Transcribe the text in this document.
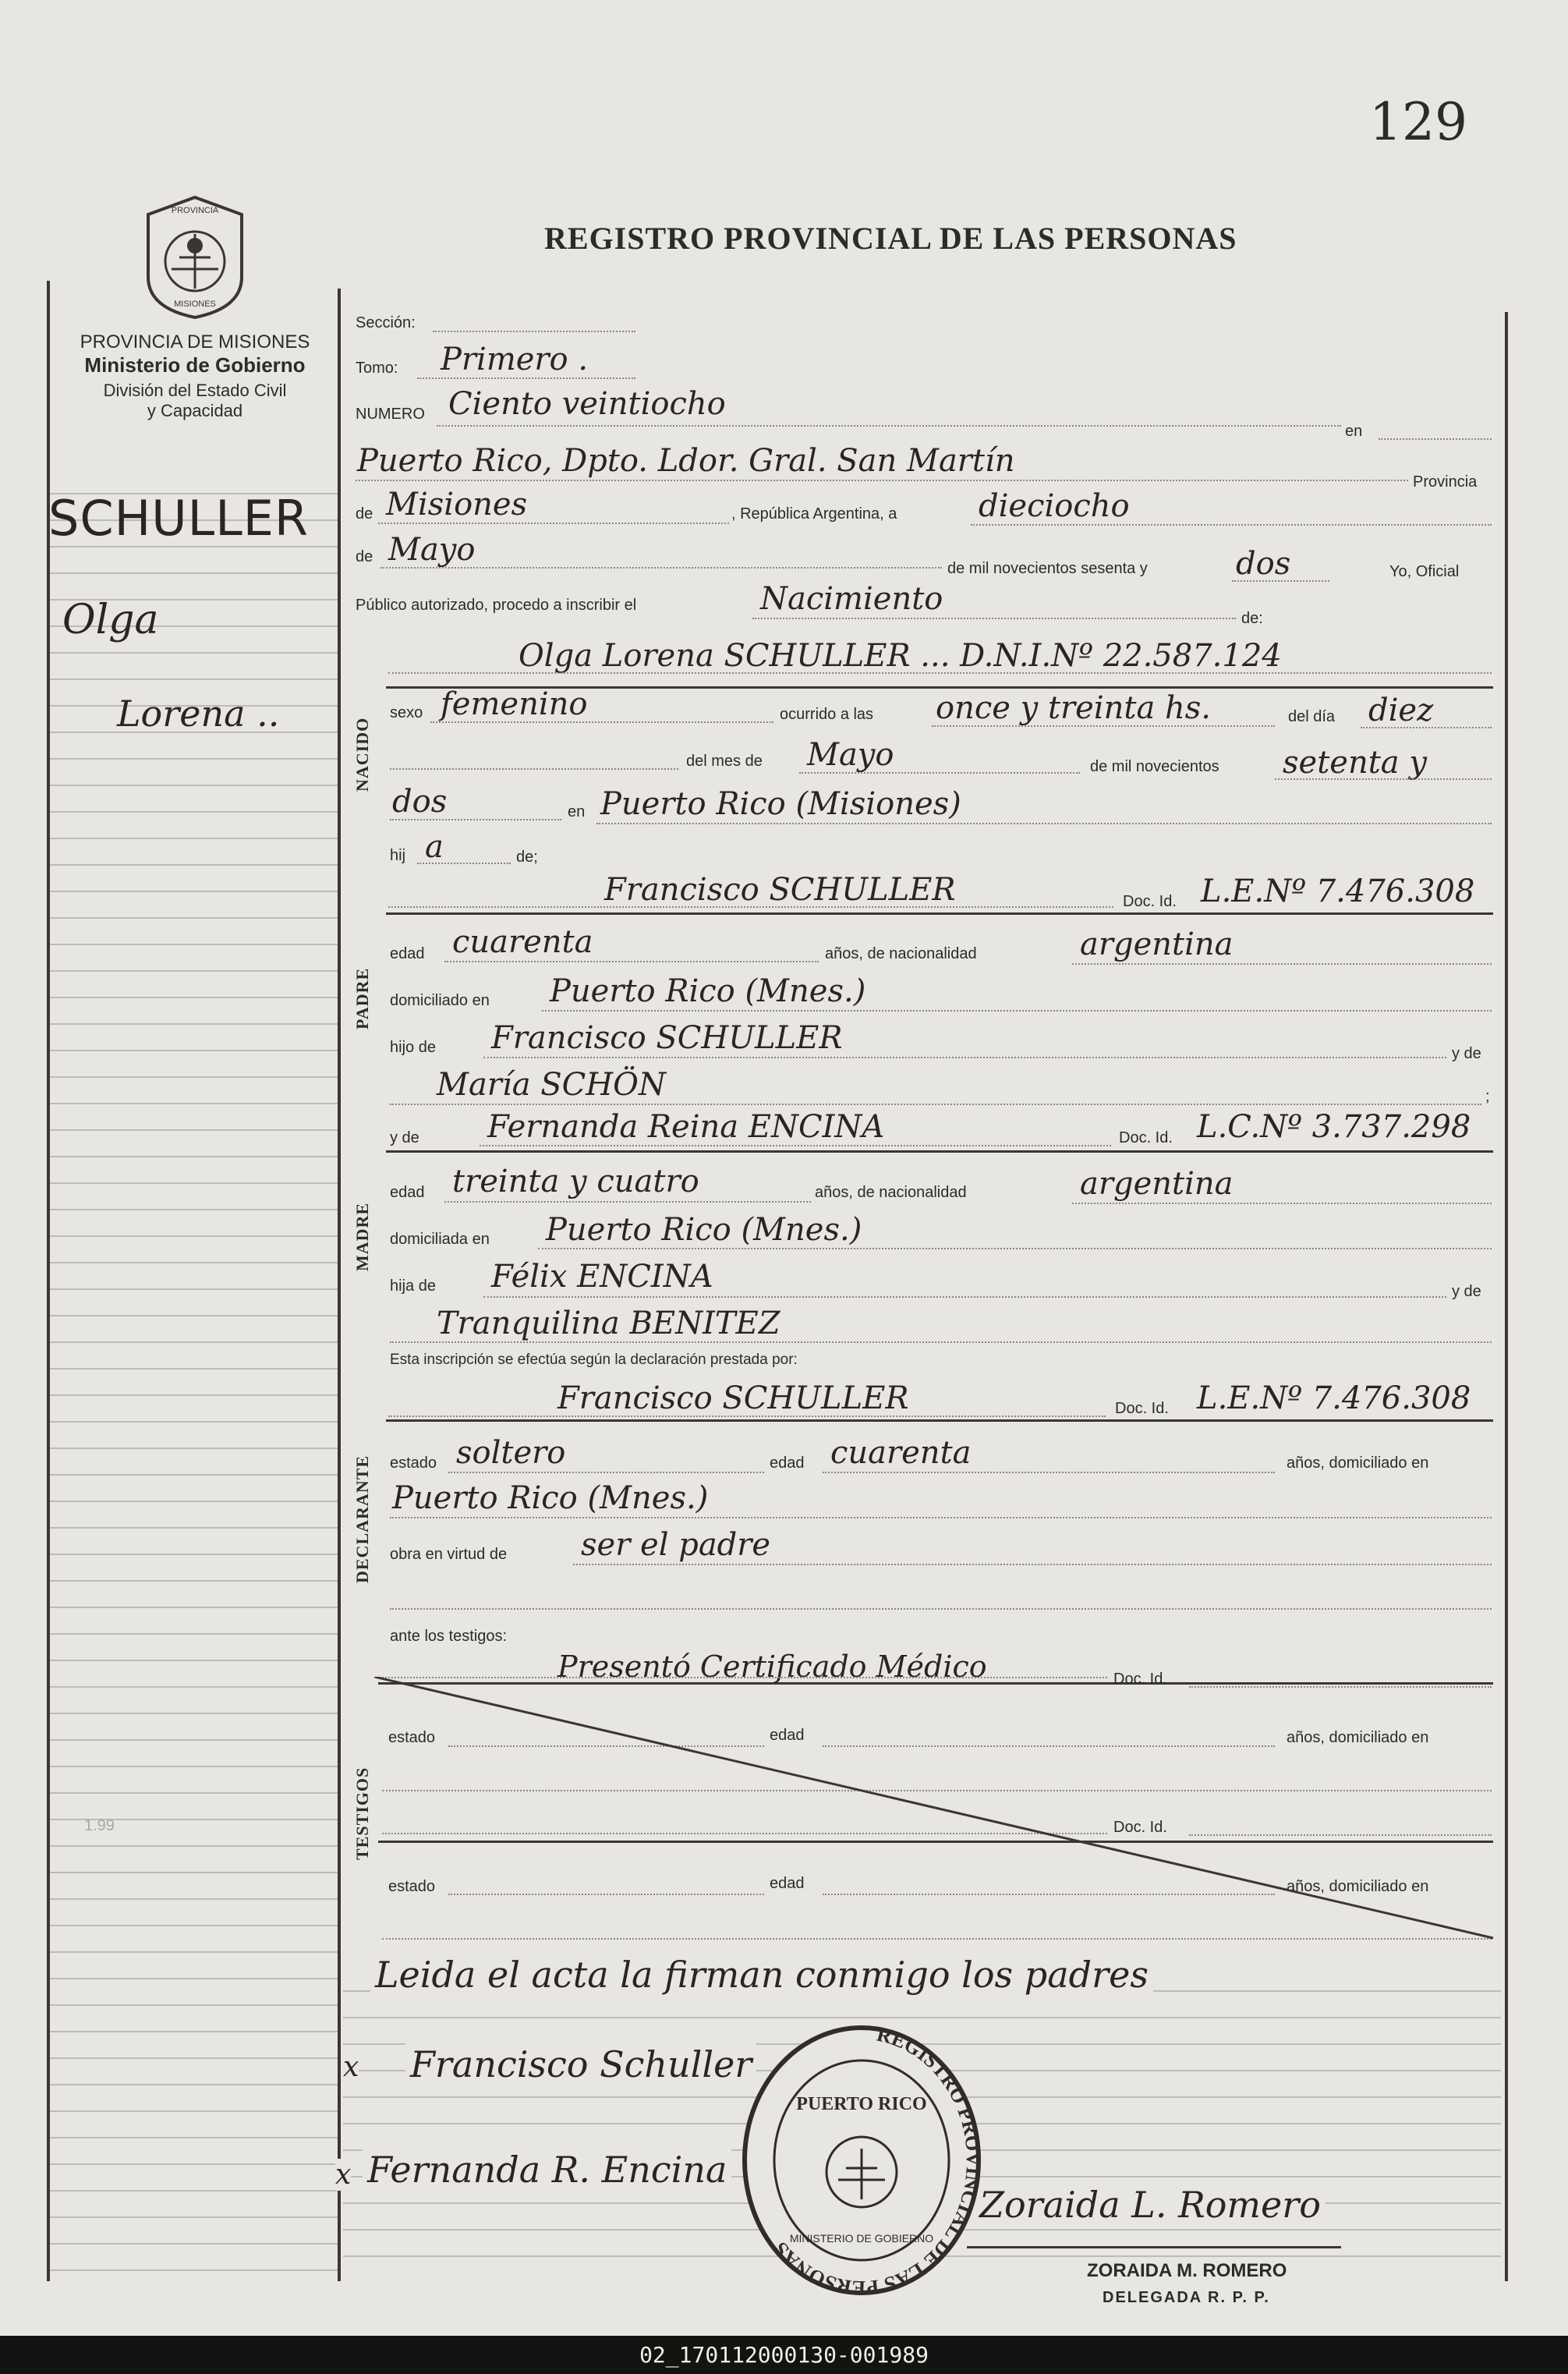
129
REGISTRO PROVINCIAL DE LAS PERSONAS
PROVINCIA
MISIONES
PROVINCIA DE MISIONES
Ministerio de Gobierno
División del Estado Civil
y Capacidad
SCHULLER
Olga
Lorena ..
1.99
Sección:
Tomo: Primero .
NUMERO Ciento veintiocho
en
Puerto Rico, Dpto. Ldor. Gral. San Martín
Provincia
de Misiones	, República Argentina, a	dieciocho
de Mayo
de mil novecientos sesenta y	dos	Yo, Oficial
Público autorizado, procedo a inscribir el	Nacimiento
de:
NACIDO
Olga Lorena SCHULLER ... D.N.I.Nº 22.587.124
sexo femenino	ocurrido a las once y treinta hs.	del día diez
del mes de Mayo	de mil novecientos setenta y
dos	en Puerto Rico (Misiones)
hij a	de;
PADRE
Francisco SCHULLER	Doc. Id. L.E.Nº 7.476.308
edad cuarenta	años, de nacionalidad	argentina
domiciliado en Puerto Rico (Mnes.)
hijo de Francisco SCHULLER	y de
María SCHÖN	;
MADRE
y de Fernanda Reina ENCINA	Doc. Id. L.C.Nº 3.737.298
edad treinta y cuatro	años, de nacionalidad	argentina
domiciliada en Puerto Rico (Mnes.)
hija de Félix ENCINA	y de
Tranquilina BENITEZ
Esta inscripción se efectúa según la declaración prestada por:
DECLARANTE
Francisco SCHULLER	Doc. Id. L.E.Nº 7.476.308
estado soltero	edad cuarenta	años, domiciliado en
Puerto Rico (Mnes.)
obra en virtud de ser el padre
ante los testigos:
TESTIGOS
Presentó Certificado Médico	Doc. Id.
estado	edad	años, domiciliado en
Doc. Id.
estado	edad	años, domiciliado en
Leida el acta la firman conmigo los padres
x Francisco Schuller
x Fernanda R. Encina
Zoraida L. Romero
REGISTRO PROVINCIAL DE LAS PERSONAS
PUERTO RICO
MINISTERIO DE GOBIERNO
ZORAIDA M. ROMERO
DELEGADA R. P. P.
02_170112000130-001989
